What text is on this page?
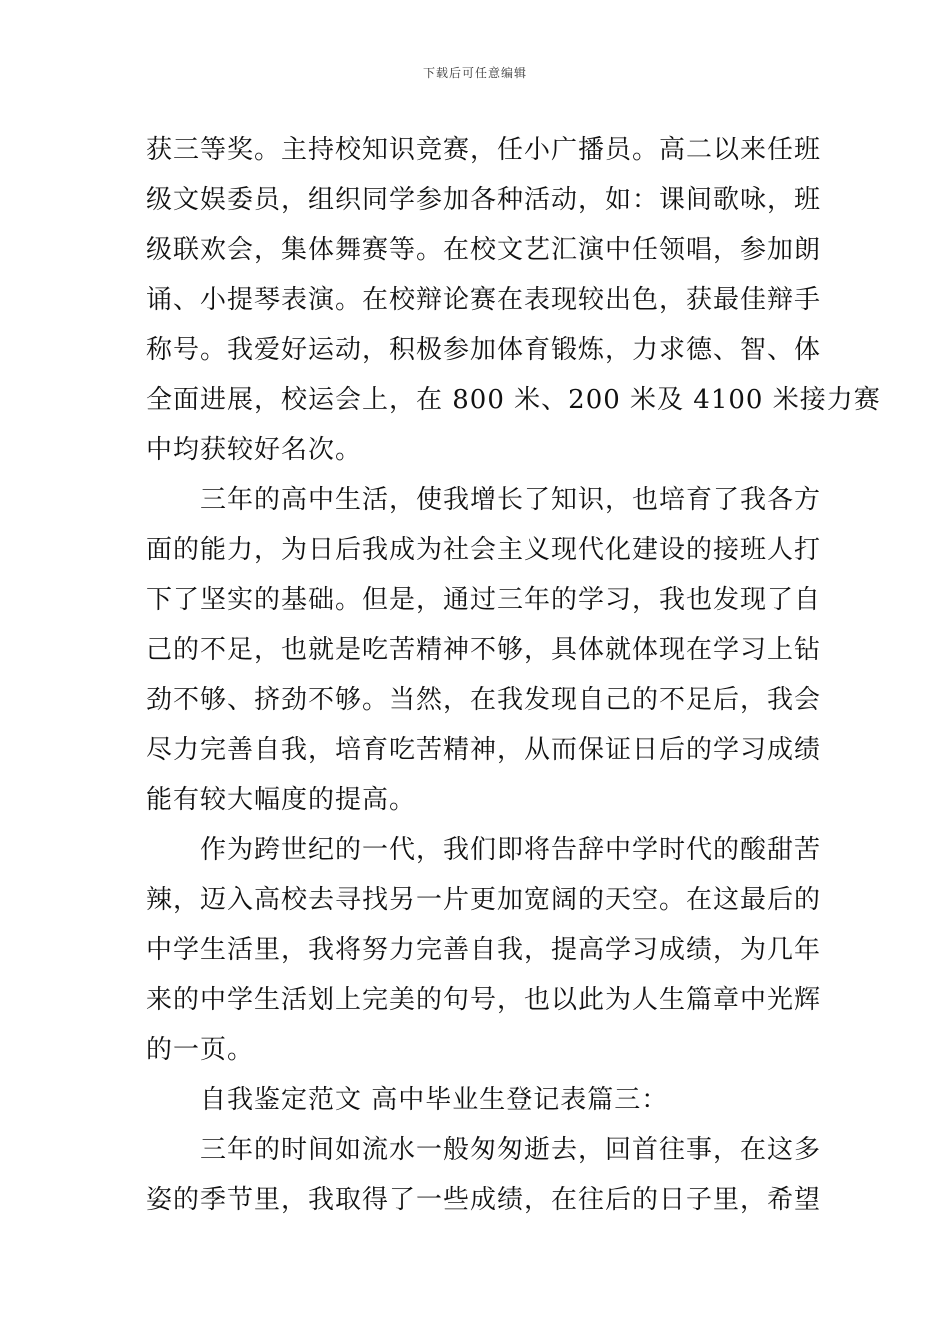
下载后可任意编辑
获三等奖。主持校知识竞赛，任小广播员。高二以来任班
级文娱委员，组织同学参加各种活动，如：课间歌咏，班
级联欢会，集体舞赛等。在校文艺汇演中任领唱，参加朗
诵、小提琴表演。在校辩论赛在表现较出色，获最佳辩手
称号。我爱好运动，积极参加体育锻炼，力求德、智、体
全面进展，校运会上，在 800 米、200 米及 4100 米接力赛
中均获较好名次。
三年的高中生活，使我增长了知识，也培育了我各方
面的能力，为日后我成为社会主义现代化建设的接班人打
下了坚实的基础。但是，通过三年的学习，我也发现了自
己的不足，也就是吃苦精神不够，具体就体现在学习上钻
劲不够、挤劲不够。当然，在我发现自己的不足后，我会
尽力完善自我，培育吃苦精神，从而保证日后的学习成绩
能有较大幅度的提高。
作为跨世纪的一代，我们即将告辞中学时代的酸甜苦
辣，迈入高校去寻找另一片更加宽阔的天空。在这最后的
中学生活里，我将努力完善自我，提高学习成绩，为几年
来的中学生活划上完美的句号，也以此为人生篇章中光辉
的一页。
自我鉴定范文 高中毕业生登记表篇三：
三年的时间如流水一般匆匆逝去，回首往事，在这多
姿的季节里，我取得了一些成绩，在往后的日子里，希望
